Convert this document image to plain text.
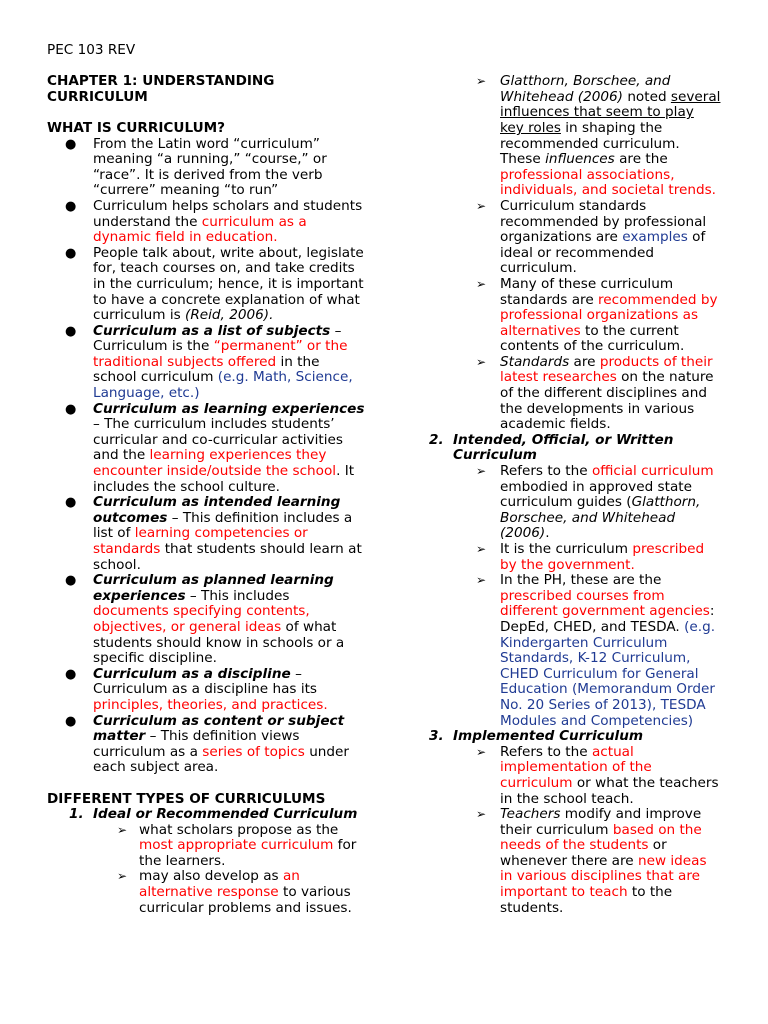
PEC 103 REV

CHAPTER 1: UNDERSTANDING CURRICULUM

WHAT IS CURRICULUM?

● From the Latin word “curriculum” meaning “a running,” “course,” or “race”. It is derived from the verb “currere” meaning “to run”
● Curriculum helps scholars and students understand the curriculum as a dynamic field in education.
● People talk about, write about, legislate for, teach courses on, and take credits in the curriculum; hence, it is important to have a concrete explanation of what curriculum is (Reid, 2006).
● Curriculum as a list of subjects – Curriculum is the “permanent” or the traditional subjects offered in the school curriculum (e.g. Math, Science, Language, etc.)
● Curriculum as learning experiences – The curriculum includes students’ curricular and co-curricular activities and the learning experiences they encounter inside/outside the school. It includes the school culture.
● Curriculum as intended learning outcomes – This definition includes a list of learning competencies or standards that students should learn at school.
● Curriculum as planned learning experiences – This includes documents specifying contents, objectives, or general ideas of what students should know in schools or a specific discipline.
● Curriculum as a discipline – Curriculum as a discipline has its principles, theories, and practices.
● Curriculum as content or subject matter – This definition views curriculum as a series of topics under each subject area.

DIFFERENT TYPES OF CURRICULUMS

1. Ideal or Recommended Curriculum
➢ what scholars propose as the most appropriate curriculum for the learners.
➢ may also develop as an alternative response to various curricular problems and issues.
➢ Glatthorn, Borschee, and Whitehead (2006) noted several influences that seem to play key roles in shaping the recommended curriculum. These influences are the professional associations, individuals, and societal trends.
➢ Curriculum standards recommended by professional organizations are examples of ideal or recommended curriculum.
➢ Many of these curriculum standards are recommended by professional organizations as alternatives to the current contents of the curriculum.
➢ Standards are products of their latest researches on the nature of the different disciplines and the developments in various academic fields.
2. Intended, Official, or Written Curriculum
➢ Refers to the official curriculum embodied in approved state curriculum guides (Glatthorn, Borschee, and Whitehead (2006).
➢ It is the curriculum prescribed by the government.
➢ In the PH, these are the prescribed courses from different government agencies: DepEd, CHED, and TESDA. (e.g. Kindergarten Curriculum Standards, K-12 Curriculum, CHED Curriculum for General Education (Memorandum Order No. 20 Series of 2013), TESDA Modules and Competencies)
3. Implemented Curriculum
➢ Refers to the actual implementation of the curriculum or what the teachers in the school teach.
➢ Teachers modify and improve their curriculum based on the needs of the students or whenever there are new ideas in various disciplines that are important to teach to the students.
